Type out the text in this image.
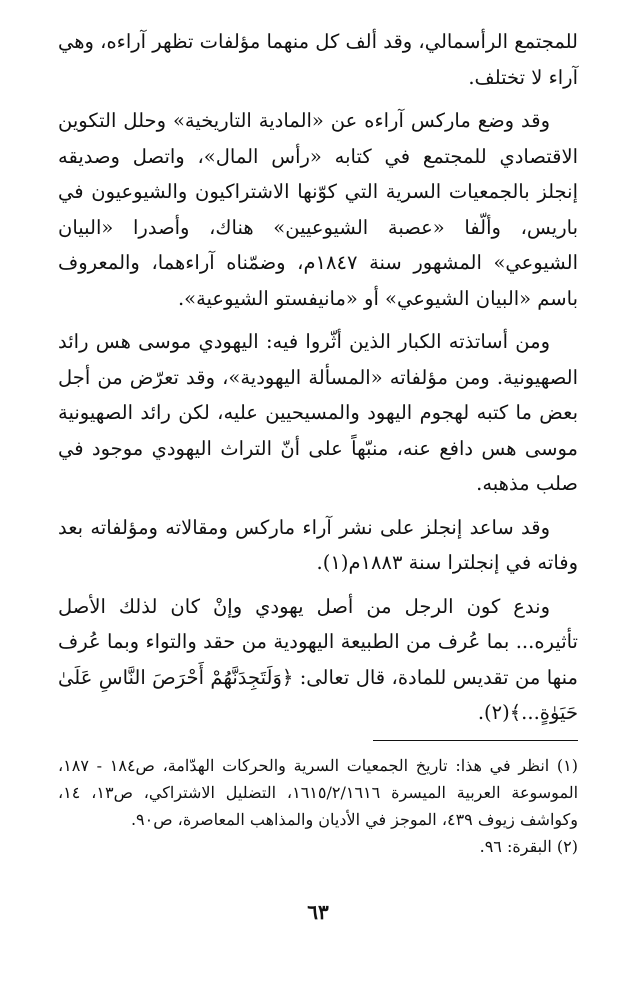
للمجتمع الرأسمالي، وقد ألف كل منهما مؤلفات تظهر آراءه، وهي آراء لا تختلف.

وقد وضع ماركس آراءه عن «المادية التاريخية» وحلل التكوين الاقتصادي للمجتمع في كتابه «رأس المال»، واتصل وصديقه إنجلز بالجمعيات السرية التي كوّنها الاشتراكيون والشيوعيون في باريس، وألّفا «عصبة الشيوعيين» هناك، وأصدرا «البيان الشيوعي» المشهور سنة ١٨٤٧م، وضمّناه آراءهما، والمعروف باسم «البيان الشيوعي» أو «مانيفستو الشيوعية».

ومن أساتذته الكبار الذين أثّروا فيه: اليهودي موسى هس رائد الصهيونية. ومن مؤلفاته «المسألة اليهودية»، وقد تعرّض من أجل بعض ما كتبه لهجوم اليهود والمسيحيين عليه، لكن رائد الصهيونية موسى هس دافع عنه، منبّهاً على أنّ التراث اليهودي موجود في صلب مذهبه.

وقد ساعد إنجلز على نشر آراء ماركس ومقالاته ومؤلفاته بعد وفاته في إنجلترا سنة ١٨٨٣م(١).

وندع كون الرجل من أصل يهودي وإنْ كان لذلك الأصل تأثيره... بما عُرف من الطبيعة اليهودية من حقد والتواء وبما عُرف منها من تقديس للمادة، قال تعالى: ﴿وَلَتَجِدَنَّهُمْ أَحْرَصَ النَّاسِ عَلَىٰ حَيَوٰةٍ...﴾(٢).

(١) انظر في هذا: تاريخ الجمعيات السرية والحركات الهدّامة، ص١٨٤ - ١٨٧، الموسوعة العربية الميسرة ١٦١٥/٢/١٦١٦، التضليل الاشتراكي، ص١٣، ١٤، وكواشف زيوف ٤٣٩، الموجز في الأديان والمذاهب المعاصرة، ص٩٠.

(٢) البقرة: ٩٦.

٦٣
